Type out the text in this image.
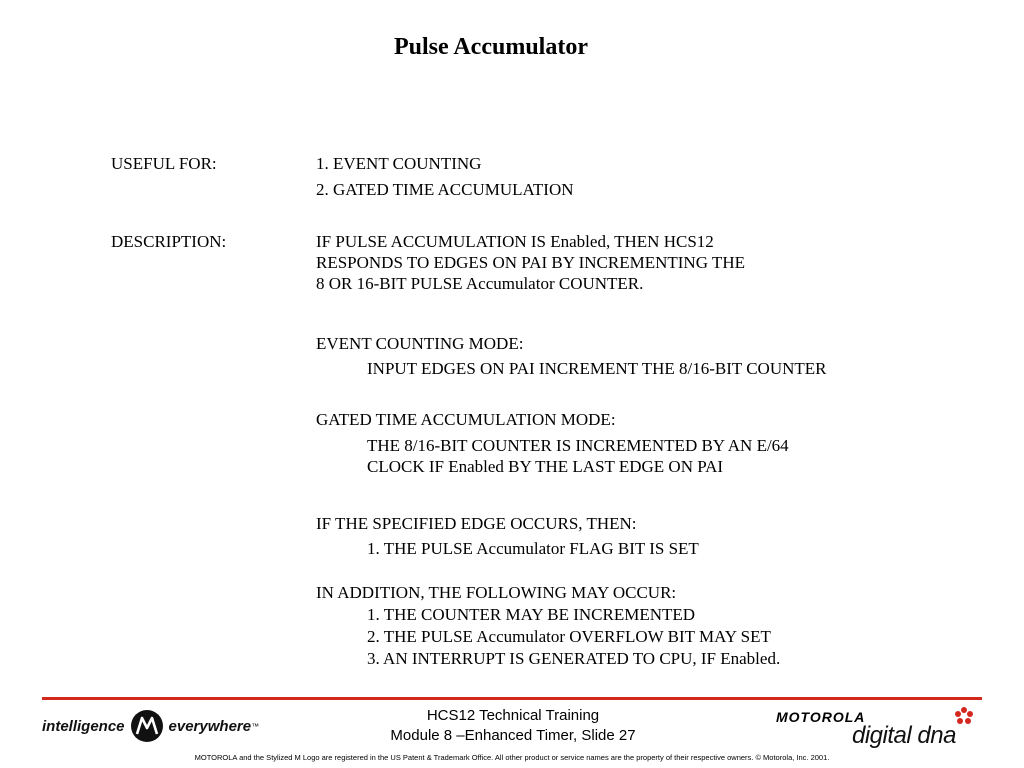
Pulse Accumulator
USEFUL FOR:	1. EVENT COUNTING
2. GATED TIME ACCUMULATION
DESCRIPTION:	IF PULSE ACCUMULATION IS Enabled, THEN HCS12
RESPONDS TO EDGES ON PAI BY INCREMENTING THE
8 OR 16-BIT PULSE Accumulator COUNTER.
EVENT COUNTING MODE:
INPUT EDGES ON PAI INCREMENT THE 8/16-BIT COUNTER
GATED TIME ACCUMULATION MODE:
THE 8/16-BIT COUNTER IS INCREMENTED BY AN E/64
CLOCK IF Enabled BY THE LAST EDGE ON PAI
IF THE SPECIFIED EDGE OCCURS, THEN:
1. THE PULSE Accumulator FLAG BIT IS SET
IN ADDITION, THE FOLLOWING MAY OCCUR:
1. THE COUNTER MAY BE INCREMENTED
2. THE PULSE Accumulator OVERFLOW BIT MAY SET
3. AN INTERRUPT IS GENERATED TO CPU, IF Enabled.
intelligence	everywhere ™
HCS12 Technical Training
Module 8 –Enhanced Timer, Slide 27
MOTOROLA
digital dna
MOTOROLA and the Stylized M Logo are registered in the US Patent & Trademark Office. All other product or service names are the property of their respective owners. © Motorola, Inc. 2001.
